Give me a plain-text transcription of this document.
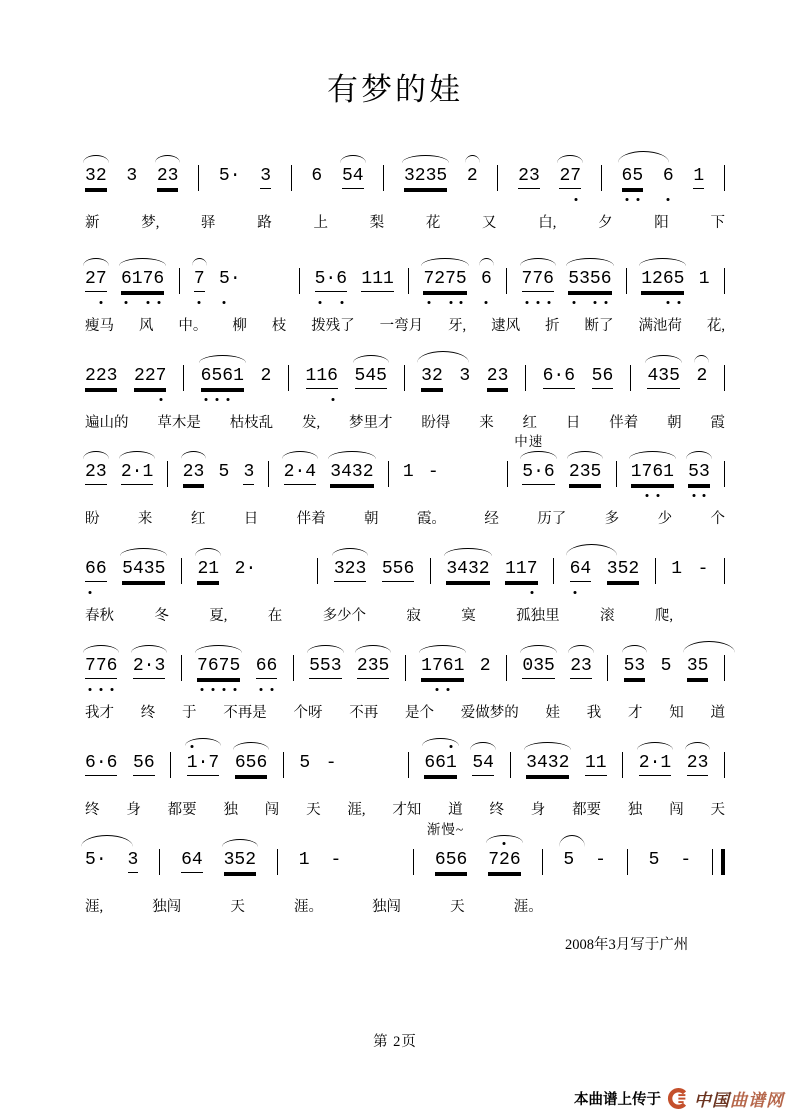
有梦的娃
32 3 23 5· 3 6 54 3235 2 23 27 65 6 1
新	梦,	驿	路	上	梨	花	又	白,	夕	阳	下
27 6176 7 5·	5·6 111 7275 6 776 5356 1265 1
瘦马 风 中。 柳 枝 拨残了 一弯月 牙, 逮风 折 断了 满池荷 花,
223 227 6561 2 116 545 32 3 23 6·6 56 435 2
遍山的 草木是 枯枝乱 发, 梦里才 盼得 来 红 日 伴着 朝 霞
23 2·1 23 5 3 2·4 3432 1 -	5·6
中速
235 1761 53
盼	来	红	日	伴着	朝	霞。	经	历了	多	少	个
66 5435 21 2·	323 556 3432 117 64 352 1 -
春秋	冬	夏,	在	多少个	寂	寞	孤独里	滚	爬,
776 2·3 7675 66 553 235 1761 2 035 23 53 5 35
我才 终 于 不再是 个呀 不再 是个 爱做梦的 娃 我 才 知 道
6·6 56 1·7 656 5 -	661 54 3432 11 2·1 23
终 身 都要 独 闯 天 涯, 才知 道 终 身 都要 独 闯 天
5· 3 64 352 1 -	656
渐慢~
726 5 - 5 -
涯,	独闯	天	涯。	独闯	天	涯。
2008年3月写于广州
第 2页
本曲谱上传于 中国曲谱网
